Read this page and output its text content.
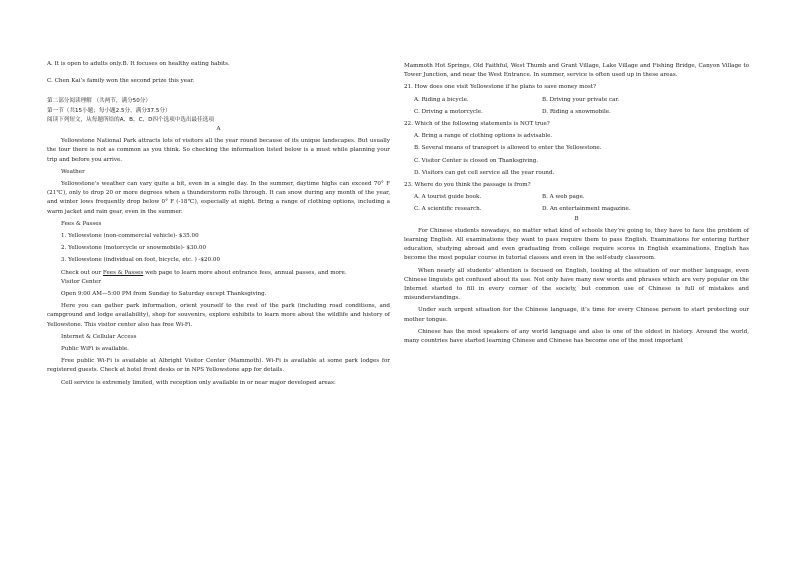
A. It is open to adults only.B. It focuses on healthy eating habits.

C. Chen Kai’s family won the second prize this year.

第二部分阅读理解 （共两节，满分50分）

第一节（共15小题；每小题2.5分，满分37.5分）

阅读下列短文，从每题所给的A、B、C、D四个选项中选出最佳选项

A

Yellowstone National Park attracts lots of visitors all the year round because of its unique landscapes. But usually the tour there is not as common as you think. So checking the information listed below is a must while planning your trip and before you arrive.

Weather

Yellowstone’s weather can vary quite a bit, even in a single day. In the summer, daytime highs can exceed 70° F (21℃), only to drop 20 or more degrees when a thunderstorm rolls through. It can snow during any month of the year, and winter lows frequently drop below 0° F (-18℃), especially at night. Bring a range of clothing options, including a warm jacket and rain gear, even in the summer.

Fees & Passes

1. Yellowstone (non-commercial vehicle)- $35.00

2. Yellowstone (motorcycle or snowmobile)- $30.00

3. Yellowstone (individual on foot, bicycle, etc. ) -$20.00

Check out our Fees & Passes web page to learn more about entrance fees, annual passes, and more.

Visitor Center

Open 9:00 AM—5:00 PM from Sunday to Saturday except Thanksgiving.

Here you can gather park information, orient yourself to the rest of the park (including road conditions, and campground and lodge availability), shop for souvenirs, explore exhibits to learn more about the wildlife and history of Yellowstone. This visitor center also has free Wi-Fi.

Internet & Cellular Access

Public WiFi is available.

Free public Wi-Fi is available at Albright Visitor Center (Mammoth). Wi-Fi is available at some park lodges for registered guests. Check at hotel front desks or in NPS Yellowstone app for details.

Cell service is extremely limited, with reception only available in or near major developed areas:

Mammoth Hot Springs, Old Faithful, West Thumb and Grant Village, Lake Village and Fishing Bridge, Canyon Village to Tower Junction, and near the West Entrance. In summer, service is often used up in these areas.

21. How does one visit Yellowstone if he plans to save money most?

A. Riding a bicycle.	B. Driving your private car.
C. Driving a motorcycle.	D. Riding a snowmobile.

22. Which of the following statements is NOT true?

A. Bring a range of clothing options is advisable.

B. Several means of transport is allowed to enter the Yellowstone.

C. Visitor Center is closed on Thanksgiving.

D. Visitors can get cell service all the year round.

23. Where do you think the passage is from?

A. A tourist guide book.	B. A web page.
C. A scientific research.	D. An entertainment magazine.

B

For Chinese students nowadays, no matter what kind of schools they’re going to, they have to face the problem of learning English. All examinations they want to pass require them to pass English. Examinations for entering further education, studying abroad and even graduating from college require scores in English examinations. English has become the most popular course in tutorial classes and even in the self-study classroom.

When nearly all students’ attention is focused on English, looking at the situation of our mother language, even Chinese linguists get confused about its use. Not only have many new words and phrases which are very popular on the Internet started to fill in every corner of the society, but common use of Chinese is full of mistakes and misunderstandings.

Under such urgent situation for the Chinese language, it’s time for every Chinese person to start protecting our mother tongue.

Chinese has the most speakers of any world language and also is one of the oldest in history. Around the world, many countries have started learning Chinese and Chinese has become one of the most important
